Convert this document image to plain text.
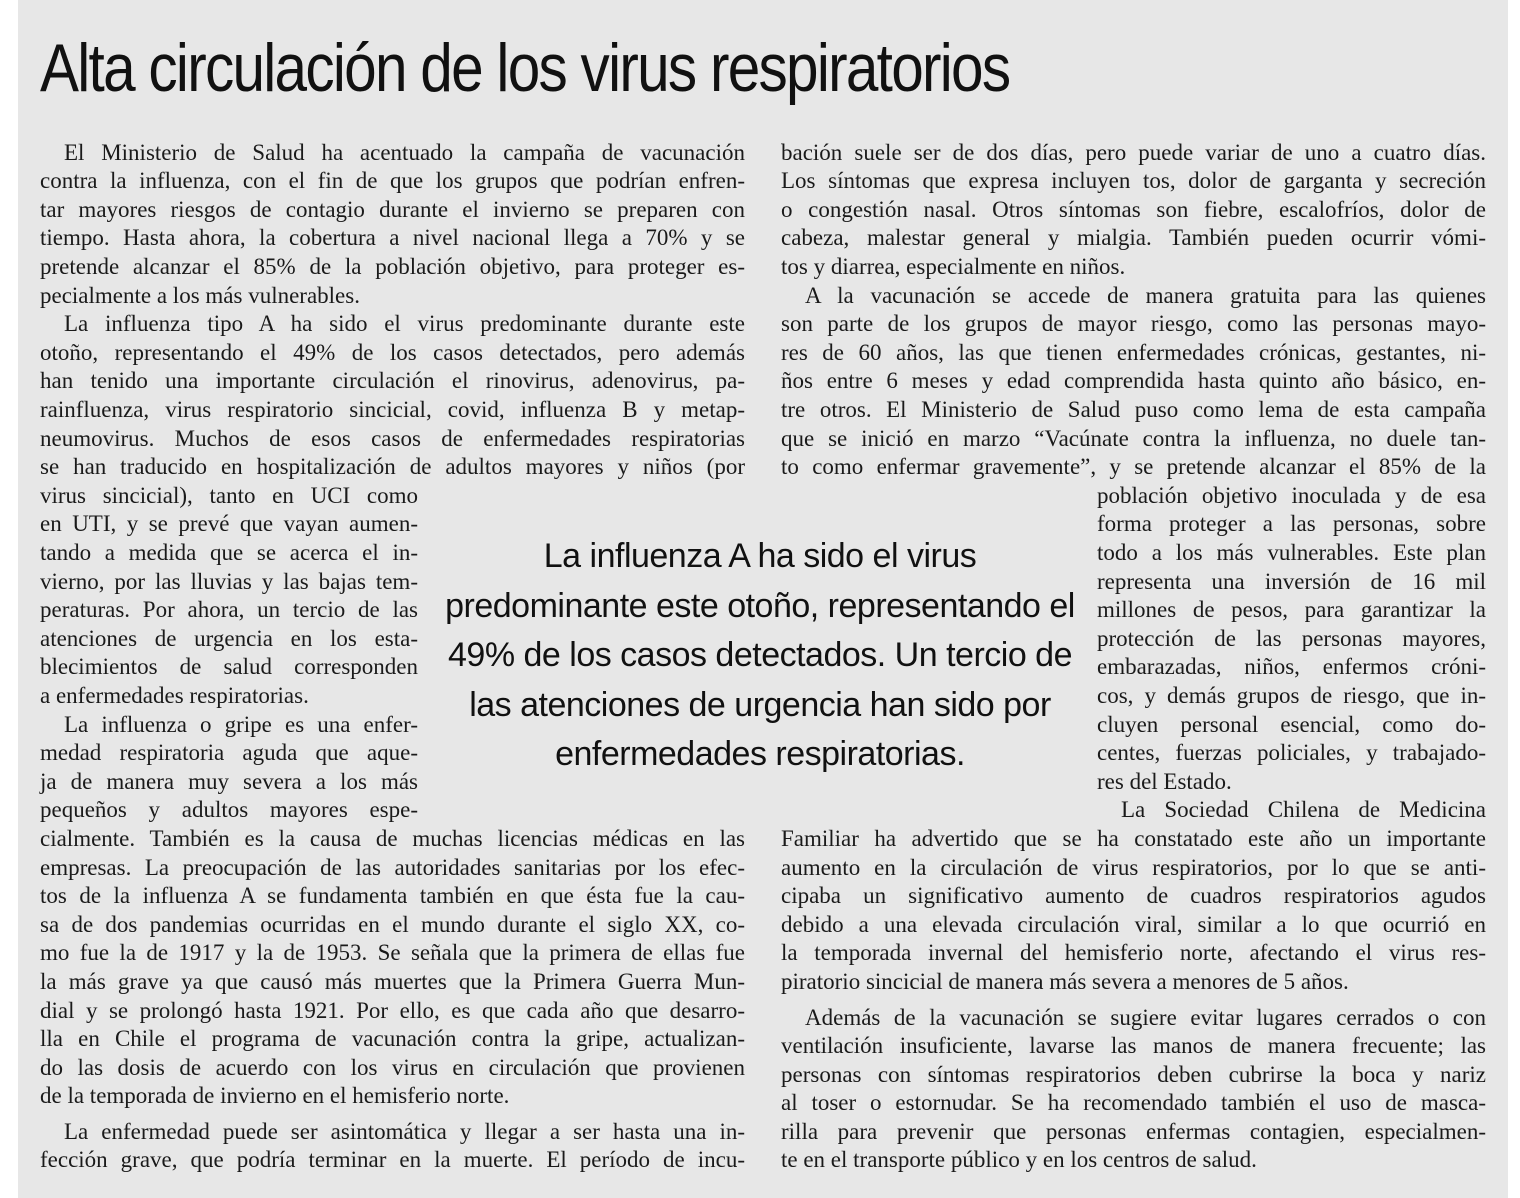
Alta circulación de los virus respiratorios

El Ministerio de Salud ha acentuado la campaña de vacunación

contra la influenza, con el fin de que los grupos que podrían enfren-

tar mayores riesgos de contagio durante el invierno se preparen con

tiempo. Hasta ahora, la cobertura a nivel nacional llega a 70% y se

pretende alcanzar el 85% de la población objetivo, para proteger es-

pecialmente a los más vulnerables.

La influenza tipo A ha sido el virus predominante durante este

otoño, representando el 49% de los casos detectados, pero además

han tenido una importante circulación el rinovirus, adenovirus, pa-

rainfluenza, virus respiratorio sincicial, covid, influenza B y metap-

neumovirus. Muchos de esos casos de enfermedades respiratorias

se han traducido en hospitalización de adultos mayores y niños (por

virus sincicial), tanto en UCI como

en UTI, y se prevé que vayan aumen-

tando a medida que se acerca el in-

vierno, por las lluvias y las bajas tem-

peraturas. Por ahora, un tercio de las

atenciones de urgencia en los esta-

blecimientos de salud corresponden

a enfermedades respiratorias.

La influenza o gripe es una enfer-

medad respiratoria aguda que aque-

ja de manera muy severa a los más

pequeños y adultos mayores espe-

cialmente. También es la causa de muchas licencias médicas en las

empresas. La preocupación de las autoridades sanitarias por los efec-

tos de la influenza A se fundamenta también en que ésta fue la cau-

sa de dos pandemias ocurridas en el mundo durante el siglo XX, co-

mo fue la de 1917 y la de 1953. Se señala que la primera de ellas fue

la más grave ya que causó más muertes que la Primera Guerra Mun-

dial y se prolongó hasta 1921. Por ello, es que cada año que desarro-

lla en Chile el programa de vacunación contra la gripe, actualizan-

do las dosis de acuerdo con los virus en circulación que provienen

de la temporada de invierno en el hemisferio norte.

La enfermedad puede ser asintomática y llegar a ser hasta una in-

fección grave, que podría terminar en la muerte. El período de incu-

bación suele ser de dos días, pero puede variar de uno a cuatro días.

Los síntomas que expresa incluyen tos, dolor de garganta y secreción

o congestión nasal. Otros síntomas son fiebre, escalofríos, dolor de

cabeza, malestar general y mialgia. También pueden ocurrir vómi-

tos y diarrea, especialmente en niños.

A la vacunación se accede de manera gratuita para las quienes

son parte de los grupos de mayor riesgo, como las personas mayo-

res de 60 años, las que tienen enfermedades crónicas, gestantes, ni-

ños entre 6 meses y edad comprendida hasta quinto año básico, en-

tre otros. El Ministerio de Salud puso como lema de esta campaña

que se inició en marzo “Vacúnate contra la influenza, no duele tan-

to como enfermar gravemente”, y se pretende alcanzar el 85% de la

población objetivo inoculada y de esa

forma proteger a las personas, sobre

todo a los más vulnerables. Este plan

representa una inversión de 16 mil

millones de pesos, para garantizar la

protección de las personas mayores,

embarazadas, niños, enfermos cróni-

cos, y demás grupos de riesgo, que in-

cluyen personal esencial, como do-

centes, fuerzas policiales, y trabajado-

res del Estado.

La Sociedad Chilena de Medicina

Familiar ha advertido que se ha constatado este año un importante

aumento en la circulación de virus respiratorios, por lo que se anti-

cipaba un significativo aumento de cuadros respiratorios agudos

debido a una elevada circulación viral, similar a lo que ocurrió en

la temporada invernal del hemisferio norte, afectando el virus res-

piratorio sincicial de manera más severa a menores de 5 años.

Además de la vacunación se sugiere evitar lugares cerrados o con

ventilación insuficiente, lavarse las manos de manera frecuente; las

personas con síntomas respiratorios deben cubrirse la boca y nariz

al toser o estornudar. Se ha recomendado también el uso de masca-

rilla para prevenir que personas enfermas contagien, especialmen-

te en el transporte público y en los centros de salud.

La influenza A ha sido el virus predominante este otoño, representando el 49% de los casos detectados. Un tercio de las atenciones de urgencia han sido por enfermedades respiratorias.
